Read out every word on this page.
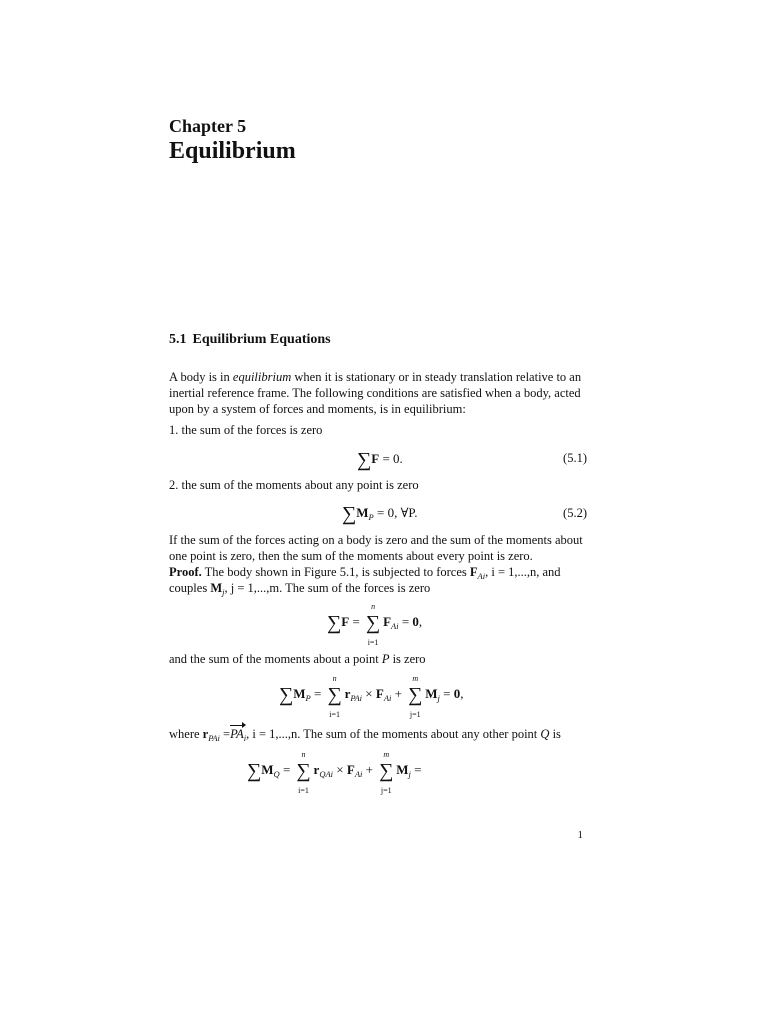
Chapter 5
Equilibrium
5.1 Equilibrium Equations
A body is in equilibrium when it is stationary or in steady translation relative to an
inertial reference frame. The following conditions are satisfied when a body, acted
upon by a system of forces and moments, is in equilibrium:
1. the sum of the forces is zero
∑F = 0.	(5.1)
2. the sum of the moments about any point is zero
$\sum M_P = 0$, ∀P.	(5.2)
If the sum of the forces acting on a body is zero and the sum of the moments about
one point is zero, then the sum of the moments about every point is zero.
Proof. The body shown in Figure 5.1, is subjected to forces $F_{Ai}$, i = 1,...,n, and
couples $M_j$, j = 1,...,m. The sum of the forces is zero
∑F =
n
∑
i=1
$F_{Ai} = 0$,
and the sum of the moments about a point P is zero
$\sum M_P$ =
n
∑
i=1
$r_{PAi} \times F_{Ai}$ +
m
∑
j=1
$M_j = 0$,
where $r_{PAi} =PA_i$, i = 1,...,n. The sum of the moments about any other point Q is
$\sum M_Q$ =
n
∑
i=1
$r_{QAi} \times F_{Ai}$ +
m
∑
j=1
$M_j$ =
1
